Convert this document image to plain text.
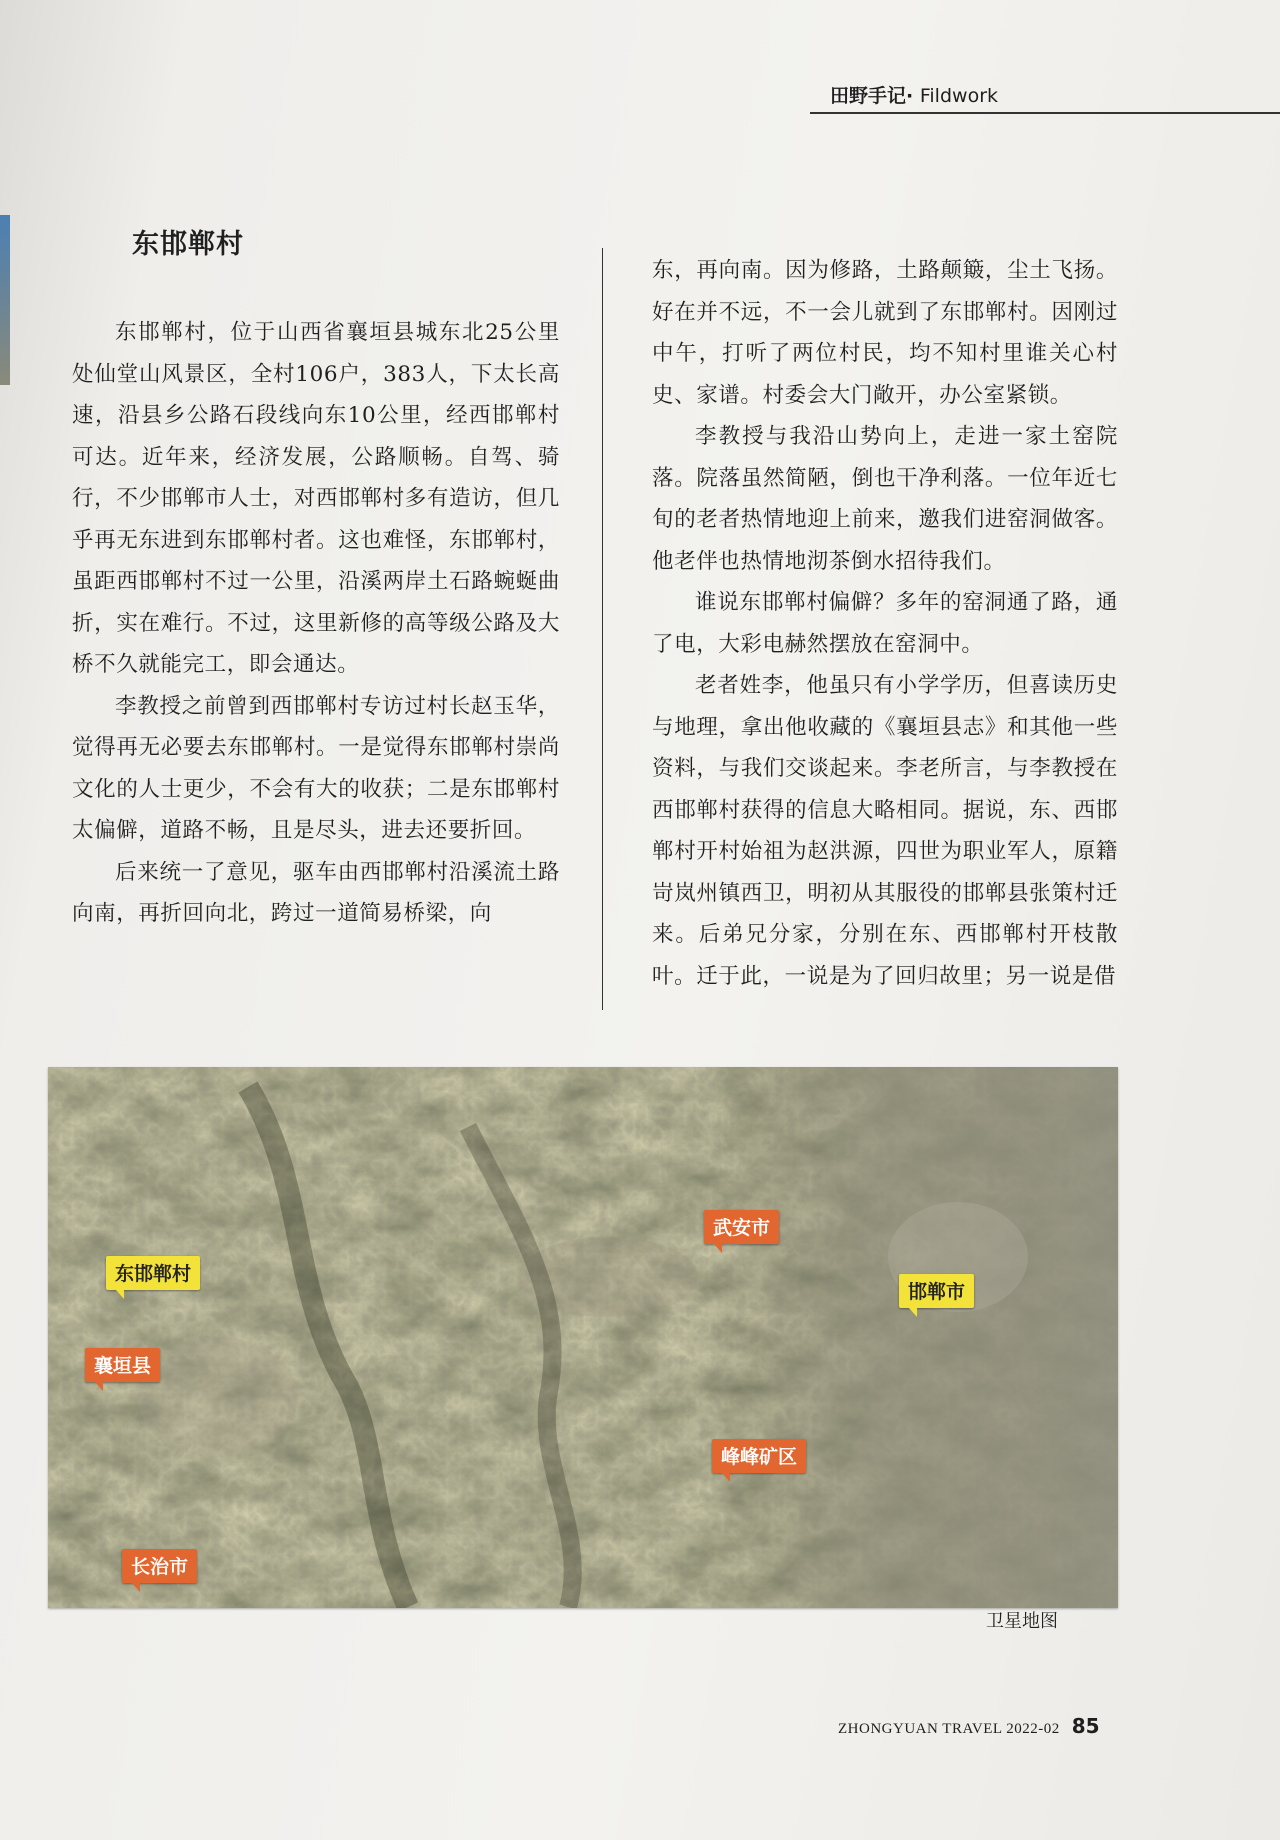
田野手记· Fildwork
东邯郸村

东邯郸村，位于山西省襄垣县城东北25公里处仙堂山风景区，全村106户，383人，下太长高速，沿县乡公路石段线向东10公里，经西邯郸村可达。近年来，经济发展，公路顺畅。自驾、骑行，不少邯郸市人士，对西邯郸村多有造访，但几乎再无东进到东邯郸村者。这也难怪，东邯郸村，虽距西邯郸村不过一公里，沿溪两岸土石路蜿蜒曲折，实在难行。不过，这里新修的高等级公路及大桥不久就能完工，即会通达。

李教授之前曾到西邯郸村专访过村长赵玉华，觉得再无必要去东邯郸村。一是觉得东邯郸村崇尚文化的人士更少，不会有大的收获；二是东邯郸村太偏僻，道路不畅，且是尽头，进去还要折回。

后来统一了意见，驱车由西邯郸村沿溪流土路向南，再折回向北，跨过一道简易桥梁，向

东，再向南。因为修路，土路颠簸，尘土飞扬。好在并不远，不一会儿就到了东邯郸村。因刚过中午，打听了两位村民，均不知村里谁关心村史、家谱。村委会大门敞开，办公室紧锁。

李教授与我沿山势向上，走进一家土窑院落。院落虽然简陋，倒也干净利落。一位年近七旬的老者热情地迎上前来，邀我们进窑洞做客。他老伴也热情地沏茶倒水招待我们。

谁说东邯郸村偏僻？多年的窑洞通了路，通了电，大彩电赫然摆放在窑洞中。

老者姓李，他虽只有小学学历，但喜读历史与地理，拿出他收藏的《襄垣县志》和其他一些资料，与我们交谈起来。李老所言，与李教授在西邯郸村获得的信息大略相同。据说，东、西邯郸村开村始祖为赵洪源，四世为职业军人，原籍岢岚州镇西卫，明初从其服役的邯郸县张策村迁来。后弟兄分家，分别在东、西邯郸村开枝散叶。迁于此，一说是为了回归故里；另一说是借

东邯郸村
襄垣县
长治市
武安市
邯郸市
峰峰矿区
卫星地图
ZHONGYUAN TRAVEL 2022-02 85
